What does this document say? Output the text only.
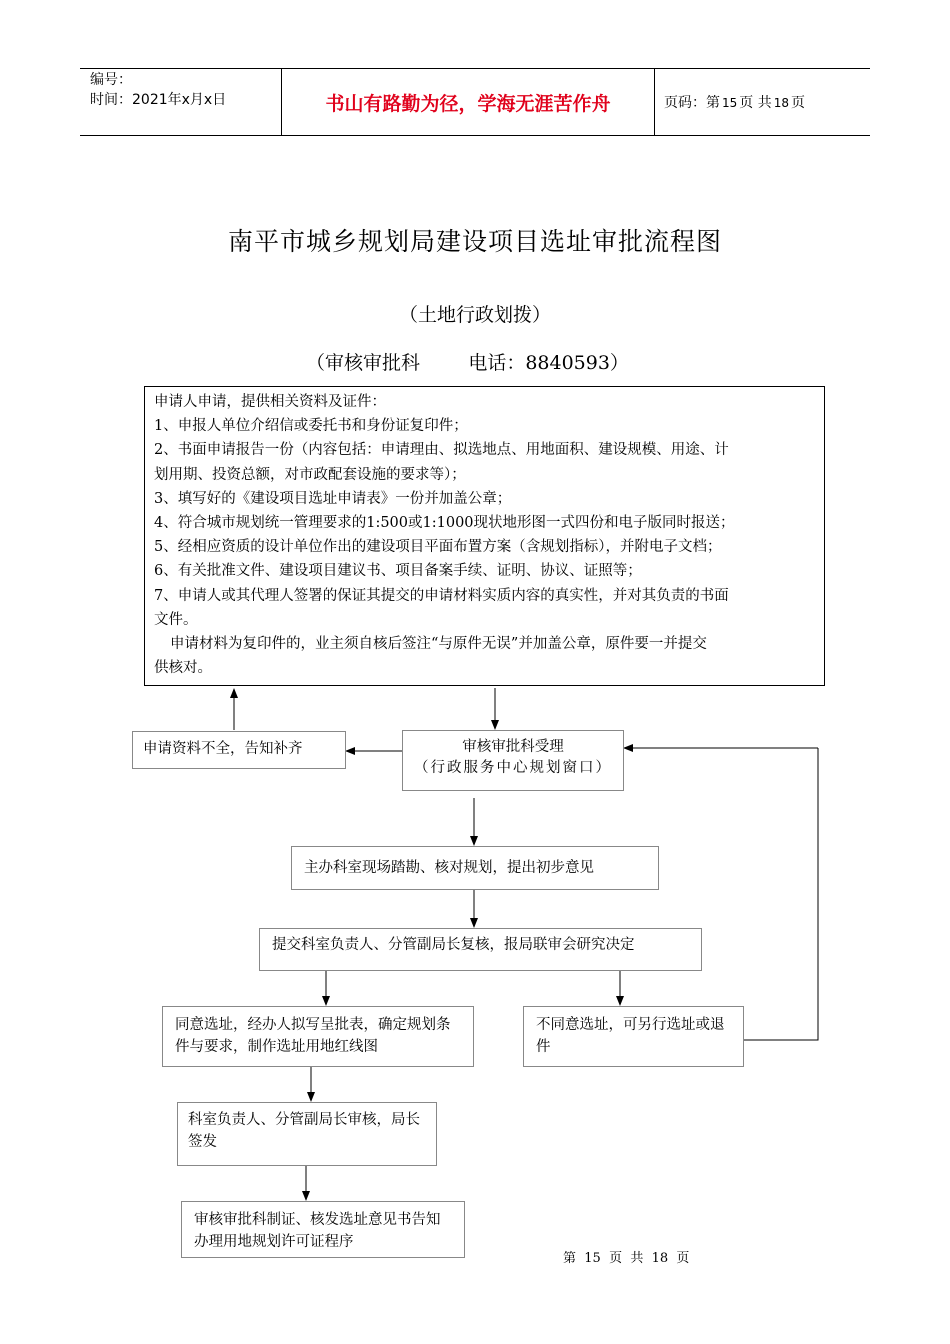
编号：
时间：2021年x月x日	书山有路勤为径，学海无涯苦作舟	页码：第 15 页 共 18 页
南平市城乡规划局建设项目选址审批流程图
（土地行政划拨）
（审核审批科        电话：8840593）
申请人申请，提供相关资料及证件：
1、申报人单位介绍信或委托书和身份证复印件；
2、书面申请报告一份（内容包括：申请理由、拟选地点、用地面积、建设规模、用途、计
划用期、投资总额，对市政配套设施的要求等）；
3、填写好的《建设项目选址申请表》一份并加盖公章；
4、符合城市规划统一管理要求的1:500或1:1000现状地形图一式四份和电子版同时报送；
5、经相应资质的设计单位作出的建设项目平面布置方案（含规划指标），并附电子文档；
6、有关批准文件、建设项目建议书、项目备案手续、证明、协议、证照等；
7、申请人或其代理人签署的保证其提交的申请材料实质内容的真实性，并对其负责的书面
文件。
申请材料为复印件的，业主须自核后签注“与原件无误”并加盖公章，原件要一并提交
供核对。
申请资料不全，告知补齐	审核审批科受理
（行政服务中心规划窗口）
主办科室现场踏勘、核对规划，提出初步意见
提交科室负责人、分管副局长复核，报局联审会研究决定
同意选址，经办人拟写呈批表，确定规划条件与要求，制作选址用地红线图
不同意选址，可另行选址或退件
科室负责人、分管副局长审核，局长签发
审核审批科制证、核发选址意见书告知办理用地规划许可证程序
第  15  页  共  18  页
